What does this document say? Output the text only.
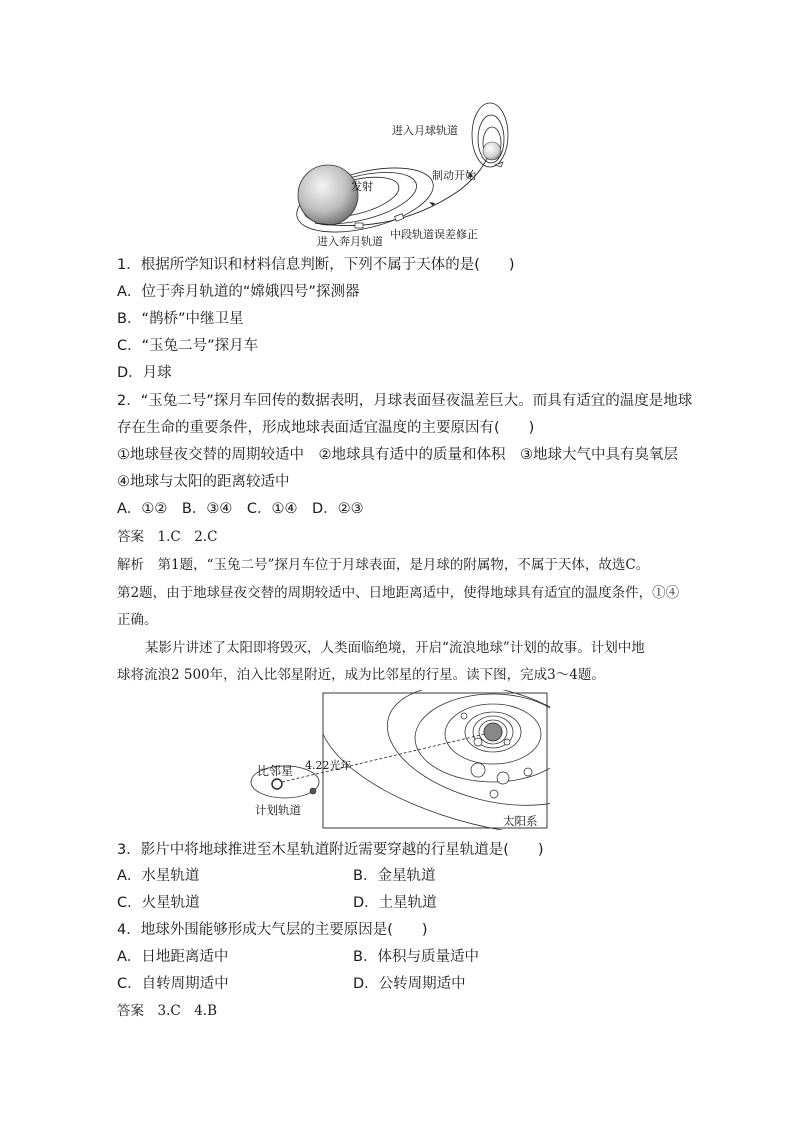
发射
进入月球轨道
制动开始
进入奔月轨道
中段轨道误差修正
1．根据所学知识和材料信息判断，下列不属于天体的是(　　)
A．位于奔月轨道的“嫦娥四号”探测器
B．“鹊桥”中继卫星
C．“玉兔二号”探月车
D．月球
2．“玉兔二号”探月车回传的数据表明，月球表面昼夜温差巨大。而具有适宜的温度是地球
存在生命的重要条件，形成地球表面适宜温度的主要原因有(　　)
①地球昼夜交替的周期较适中　②地球具有适中的质量和体积　③地球大气中具有臭氧层
④地球与太阳的距离较适中
A．①②　B．③④　C．①④　D．②③
答案　1.C　2.C
解析　第1题，“玉兔二号”探月车位于月球表面，是月球的附属物，不属于天体，故选C。
第2题，由于地球昼夜交替的周期较适中、日地距离适中，使得地球具有适宜的温度条件，①④
正确。
某影片讲述了太阳即将毁灭，人类面临绝境，开启“流浪地球”计划的故事。计划中地
球将流浪2 500年，泊入比邻星附近，成为比邻星的行星。读下图，完成3～4题。
比邻星 4.22光年
计划轨道
太阳系
3．影片中将地球推进至木星轨道附近需要穿越的行星轨道是(　　)
A．水星轨道	B．金星轨道
C．火星轨道	D．土星轨道
4．地球外围能够形成大气层的主要原因是(　　)
A．日地距离适中	B．体积与质量适中
C．自转周期适中	D．公转周期适中
答案　3.C　4.B
